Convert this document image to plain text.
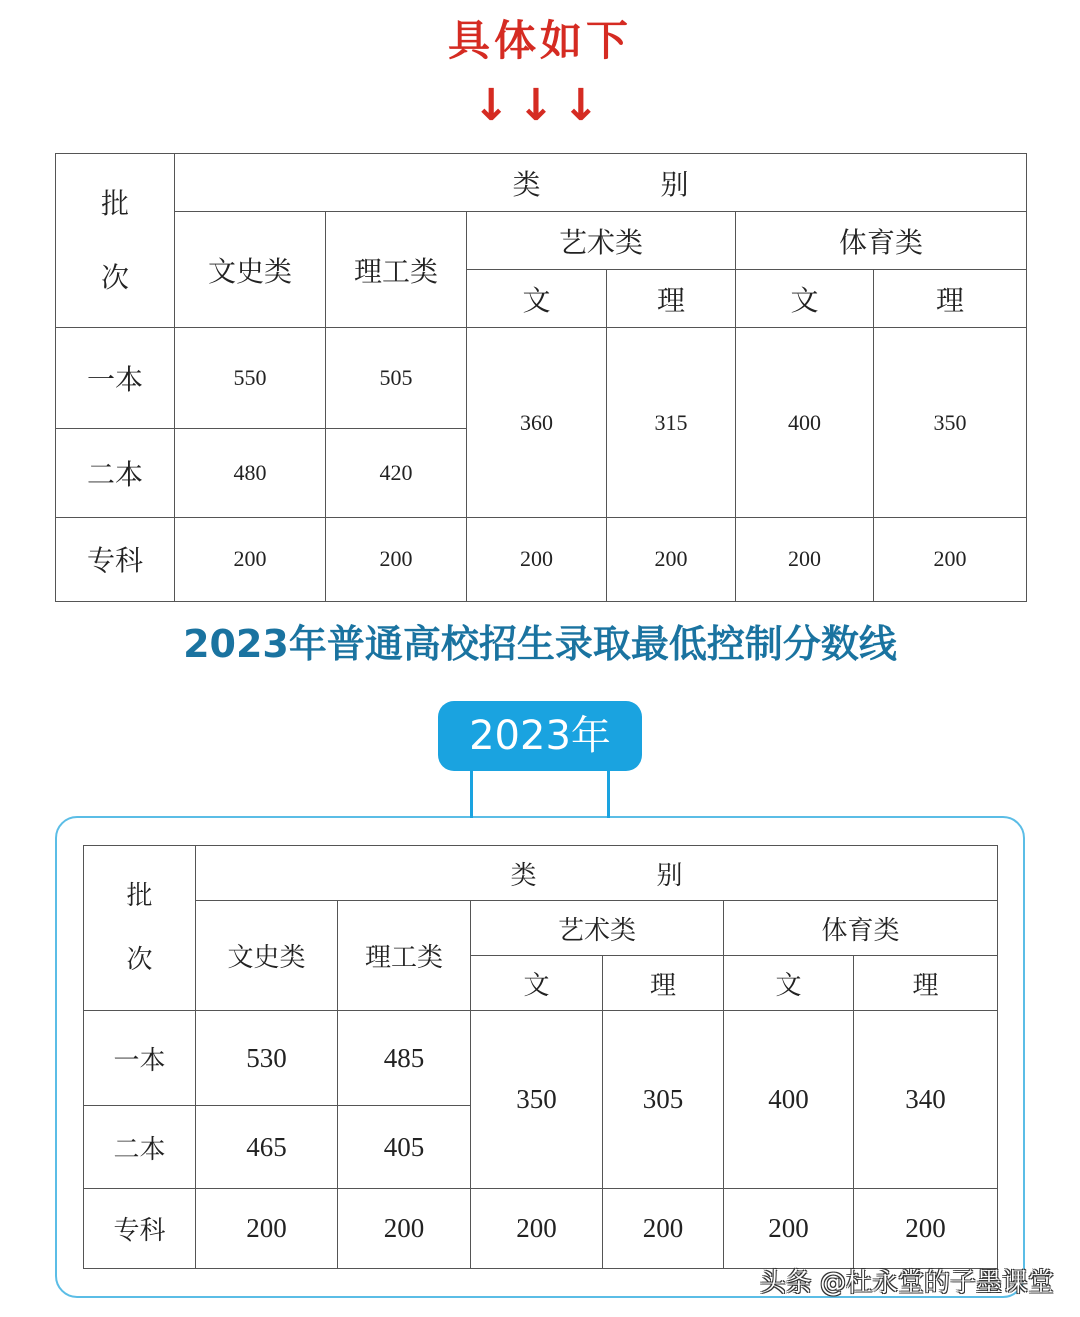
具体如下
↓↓↓
批
次	类 别					
	文史类	理工类	艺术类		体育类	
			文	理	文	理
一本	550	505	360	315	400	350
二本	480	420				
专科	200	200	200	200	200	200
2023年普通高校招生录取最低控制分数线
2023年
批
次	类 别					
	文史类	理工类	艺术类		体育类	
			文	理	文	理
一本	530	485	350	305	400	340
二本	465	405				
专科	200	200	200	200	200	200
头条 @杜永堂的子墨课堂
